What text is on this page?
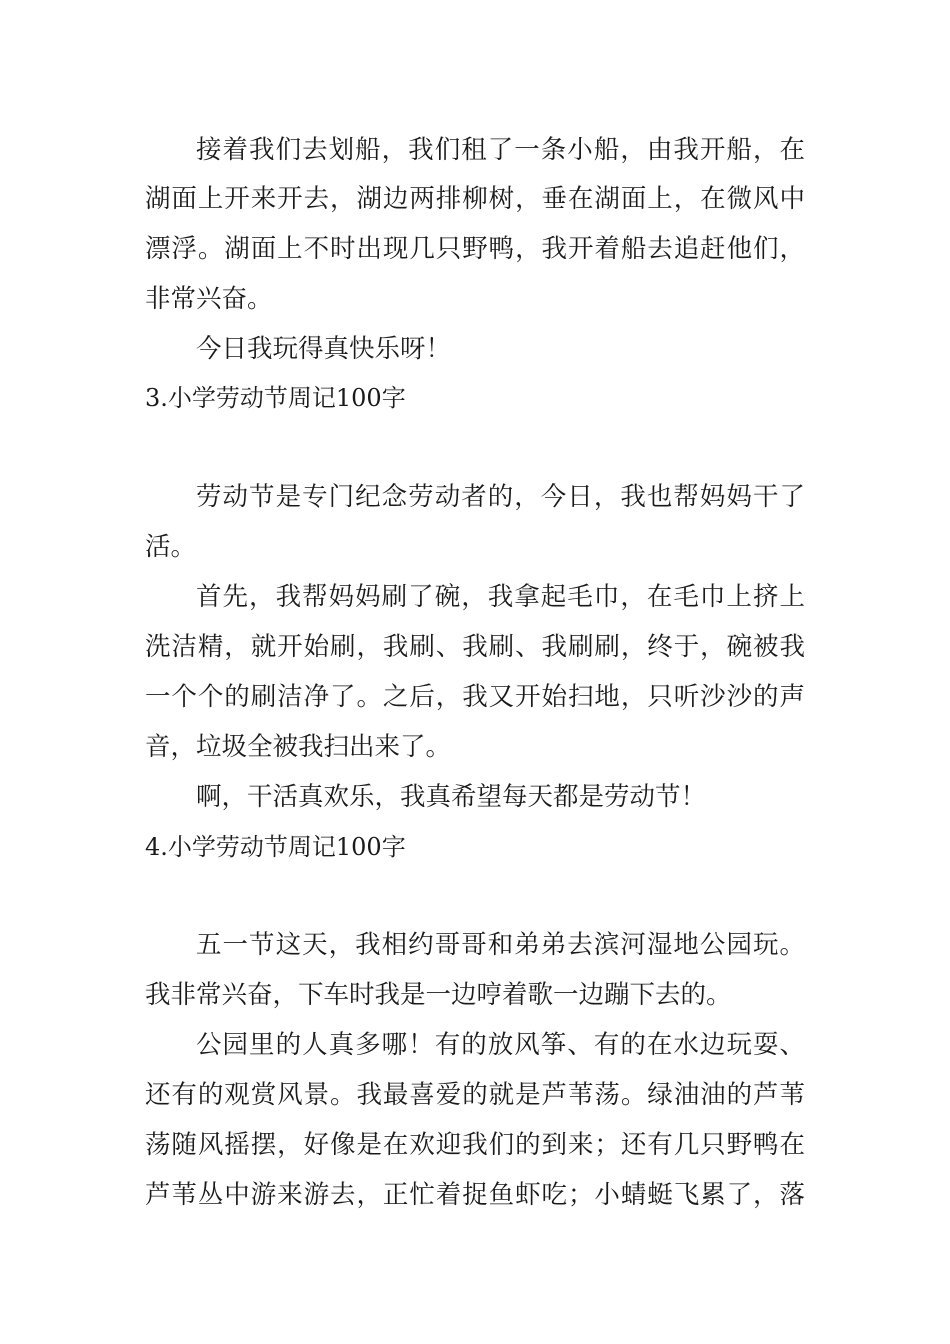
接着我们去划船，我们租了一条小船，由我开船，在
湖面上开来开去，湖边两排柳树，垂在湖面上，在微风中
漂浮。湖面上不时出现几只野鸭，我开着船去追赶他们，
非常兴奋。
今日我玩得真快乐呀！
3.小学劳动节周记100字
劳动节是专门纪念劳动者的，今日，我也帮妈妈干了
活。
首先，我帮妈妈刷了碗，我拿起毛巾，在毛巾上挤上
洗洁精，就开始刷，我刷、我刷、我刷刷，终于，碗被我
一个个的刷洁净了。之后，我又开始扫地，只听沙沙的声
音，垃圾全被我扫出来了。
啊，干活真欢乐，我真希望每天都是劳动节！
4.小学劳动节周记100字
五一节这天，我相约哥哥和弟弟去滨河湿地公园玩。
我非常兴奋，下车时我是一边哼着歌一边蹦下去的。
公园里的人真多哪！有的放风筝、有的在水边玩耍、
还有的观赏风景。我最喜爱的就是芦苇荡。绿油油的芦苇
荡随风摇摆，好像是在欢迎我们的到来；还有几只野鸭在
芦苇丛中游来游去，正忙着捉鱼虾吃；小蜻蜓飞累了，落
